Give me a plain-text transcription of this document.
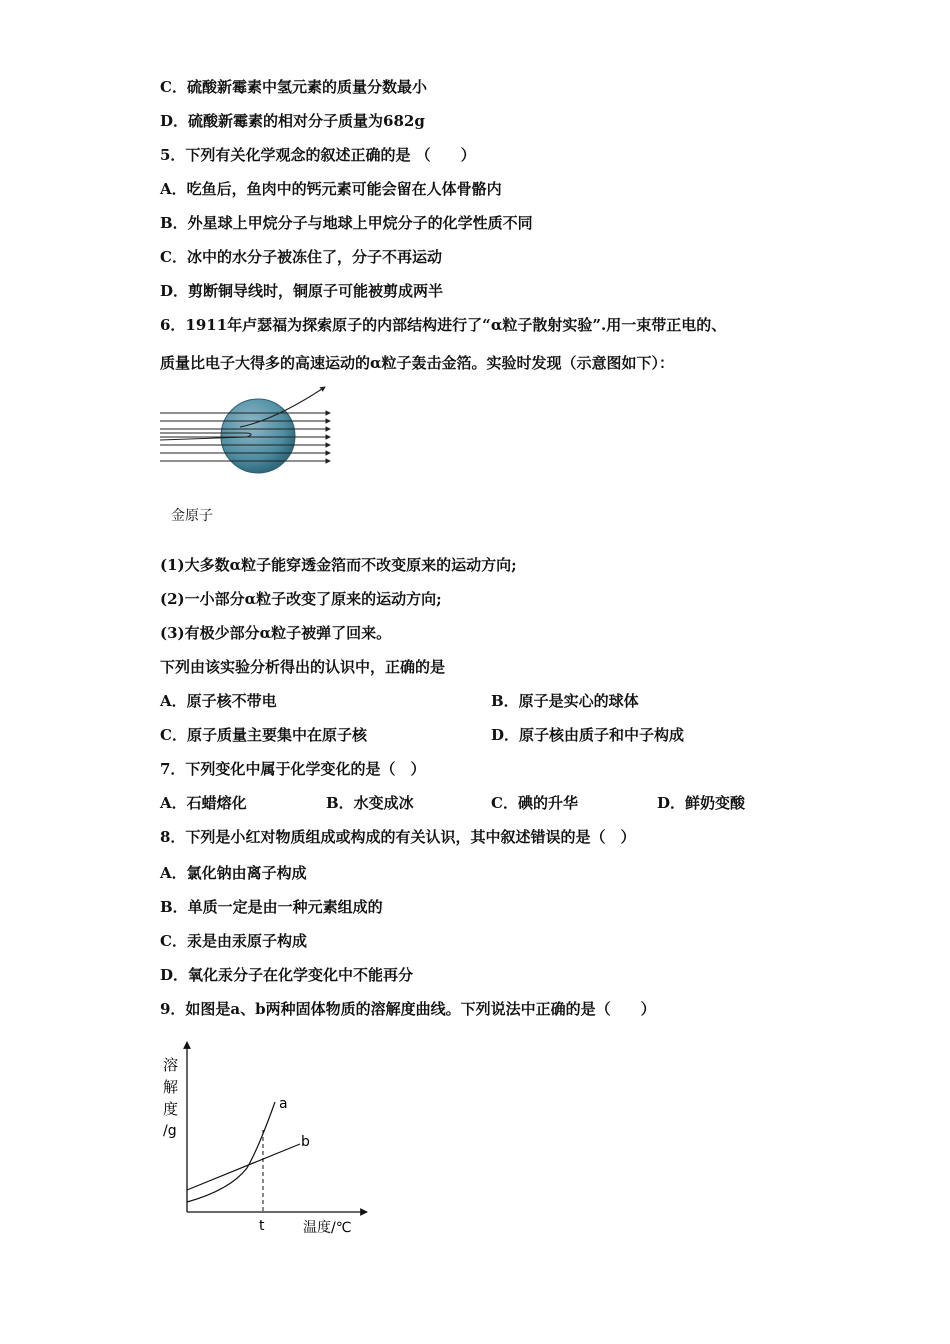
C．硫酸新霉素中氢元素的质量分数最小
D．硫酸新霉素的相对分子质量为682g
5．下列有关化学观念的叙述正确的是 （　　）
A．吃鱼后，鱼肉中的钙元素可能会留在人体骨骼内
B．外星球上甲烷分子与地球上甲烷分子的化学性质不同
C．冰中的水分子被冻住了，分子不再运动
D．剪断铜导线时，铜原子可能被剪成两半
6．1911年卢瑟福为探索原子的内部结构进行了“α粒子散射实验”.用一束带正电的、
质量比电子大得多的高速运动的α粒子轰击金箔。实验时发现（示意图如下）：
金原子
(1)大多数α粒子能穿透金箔而不改变原来的运动方向;
(2)一小部分α粒子改变了原来的运动方向;
(3)有极少部分α粒子被弹了回来。
下列由该实验分析得出的认识中，正确的是
A．原子核不带电	B．原子是实心的球体
C．原子质量主要集中在原子核	D．原子核由质子和中子构成
7．下列变化中属于化学变化的是（　）
A．石蜡熔化	B．水变成冰	C．碘的升华	D．鲜奶变酸
8．下列是小红对物质组成或构成的有关认识，其中叙述错误的是（　）
A．氯化钠由离子构成
B．单质一定是由一种元素组成的
C．汞是由汞原子构成
D．氧化汞分子在化学变化中不能再分
9．如图是a、b两种固体物质的溶解度曲线。下列说法中正确的是（　　）
溶
解
度
/g
a
b
t	温度/℃
